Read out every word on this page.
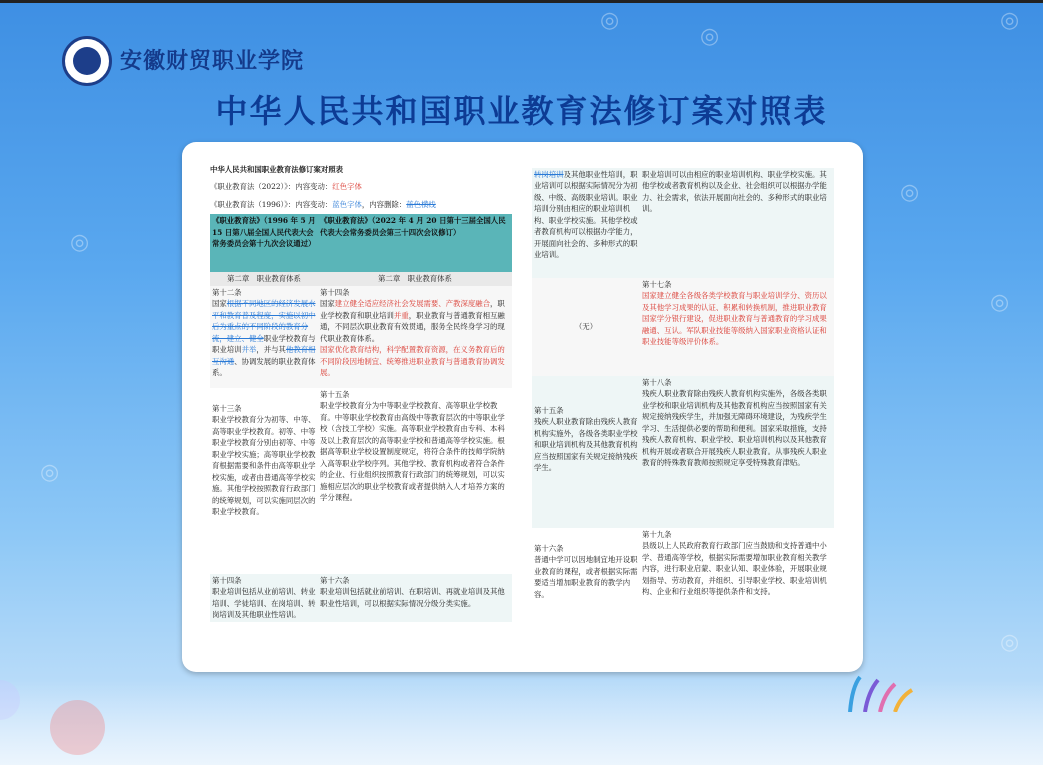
◎
◎
◎
◎
◎
◎
◎
◎
安徽财贸职业学院
中华人民共和国职业教育法修订案对照表
中华人民共和国职业教育法修订案对照表
《职业教育法（2022）》：内容变动：红色字体
《职业教育法（1996）》：内容变动：蓝色字体，内容删除：蓝色横线
《职业教育法》（1996 年 5 月 15 日第八届全国人民代表大会常务委员会第十九次会议通过）	《职业教育法》（2022 年 4 月 20 日第十三届全国人民代表大会常务委员会第三十四次会议修订）
第二章　职业教育体系	第二章　职业教育体系

第十二条
国家根据不同地区的经济发展水平和教育普及程度，实施以初中后为重点的不同阶段的教育分流，建立、健全职业学校教育与职业培训并举，并与其他教育相互沟通、协调发展的职业教育体系。	第十四条
国家建立健全适应经济社会发展需要、产教深度融合，职业学校教育和职业培训并重，职业教育与普通教育相互融通，不同层次职业教育有效贯通，服务全民终身学习的现代职业教育体系。
国家优化教育结构，科学配置教育资源，在义务教育后的不同阶段因地制宜、统筹推进职业教育与普通教育协调发展。

第十三条
职业学校教育分为初等、中等、高等职业学校教育。初等、中等职业学校教育分别由初等、中等职业学校实施；高等职业学校教育根据需要和条件由高等职业学校实施，或者由普通高等学校实施。其他学校按照教育行政部门的统筹规划，可以实施同层次的职业学校教育。	第十五条
职业学校教育分为中等职业学校教育、高等职业学校教育。中等职业学校教育由高级中等教育层次的中等职业学校（含技工学校）实施。高等职业学校教育由专科、本科及以上教育层次的高等职业学校和普通高等学校实施。根据高等职业学校设置制度规定，将符合条件的技师学院纳入高等职业学校序列。其他学校、教育机构或者符合条件的企业、行业组织按照教育行政部门的统筹规划，可以实施相应层次的职业学校教育或者提供纳入人才培养方案的学分课程。

第十四条
职业培训包括从业前培训、转业培训、学徒培训、在岗培训、转岗培训及其他职业性培训。	第十六条
职业培训包括就业前培训、在职培训、再就业培训及其他职业性培训，可以根据实际情况分级分类实施。
转岗培训及其他职业性培训，职业培训可以根据实际情况分为初级、中级、高级职业培训。职业培训分别由相应的职业培训机构、职业学校实施。其他学校或者教育机构可以根据办学能力，开展面向社会的、多种形式的职业培训。	职业培训可以由相应的职业培训机构、职业学校实施。其他学校或者教育机构以及企业、社会组织可以根据办学能力、社会需求，依法开展面向社会的、多种形式的职业培训。
（无）	第十七条
国家建立健全各级各类学校教育与职业培训学分、资历以及其他学习成果的认证、积累和转换机制，推进职业教育国家学分银行建设，促进职业教育与普通教育的学习成果融通、互认。军队职业技能等级纳入国家职业资格认证和职业技能等级评价体系。

第十五条
残疾人职业教育除由残疾人教育机构实施外，各级各类职业学校和职业培训机构及其他教育机构应当按照国家有关规定接纳残疾学生。	第十八条
残疾人职业教育除由残疾人教育机构实施外，各级各类职业学校和职业培训机构及其他教育机构应当按照国家有关规定接纳残疾学生，并加强无障碍环境建设，为残疾学生学习、生活提供必要的帮助和便利。国家采取措施，支持残疾人教育机构、职业学校、职业培训机构以及其他教育机构开展或者联合开展残疾人职业教育。从事残疾人职业教育的特殊教育教师按照规定享受特殊教育津贴。

第十六条
普通中学可以因地制宜地开设职业教育的课程，或者根据实际需要适当增加职业教育的教学内容。	第十九条
县级以上人民政府教育行政部门应当鼓励和支持普通中小学、普通高等学校，根据实际需要增加职业教育相关教学内容，进行职业启蒙、职业认知、职业体验，开展职业规划指导、劳动教育，并组织、引导职业学校、职业培训机构、企业和行业组织等提供条件和支持。
